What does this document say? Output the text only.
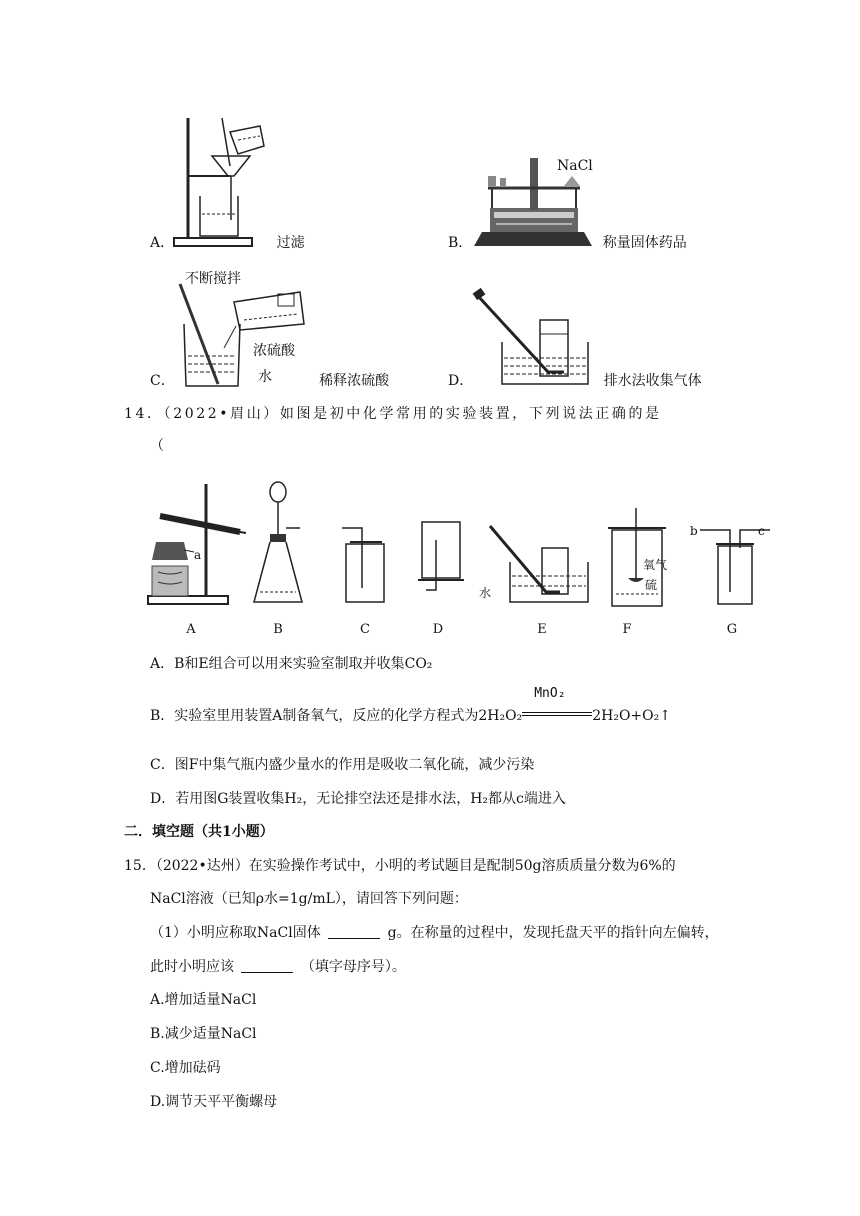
A．	过滤
NaCl
B．	称量固体药品
不断搅拌
浓硫酸
水
C．	稀释浓硫酸	D．	排水法收集气体
14．（2022•眉山）如图是初中化学常用的实验装置，下列说法正确的是
（
a
水
氧气
硫
b	c
A	B	C	D	E	F	G
A．B和E组合可以用来实验室制取并收集CO₂
B．实验室里用装置A制备氧气，反应的化学方程式为2H₂O₂
MnO₂
2H₂O+O₂↑
C．图F中集气瓶内盛少量水的作用是吸收二氧化硫，减少污染
D．若用图G装置收集H₂，无论排空法还是排水法，H₂都从c端进入
二．填空题（共1小题）
15．（2022•达州）在实验操作考试中，小明的考试题目是配制50g溶质质量分数为6%的
NaCl溶液（已知ρ水=1g/mL），请回答下列问题：
（1）小明应称取NaCl固体	g。在称量的过程中，发现托盘天平的指针向左偏转，
此时小明应该	（填字母序号）。
A.增加适量NaCl
B.减少适量NaCl
C.增加砝码
D.调节天平平衡螺母
